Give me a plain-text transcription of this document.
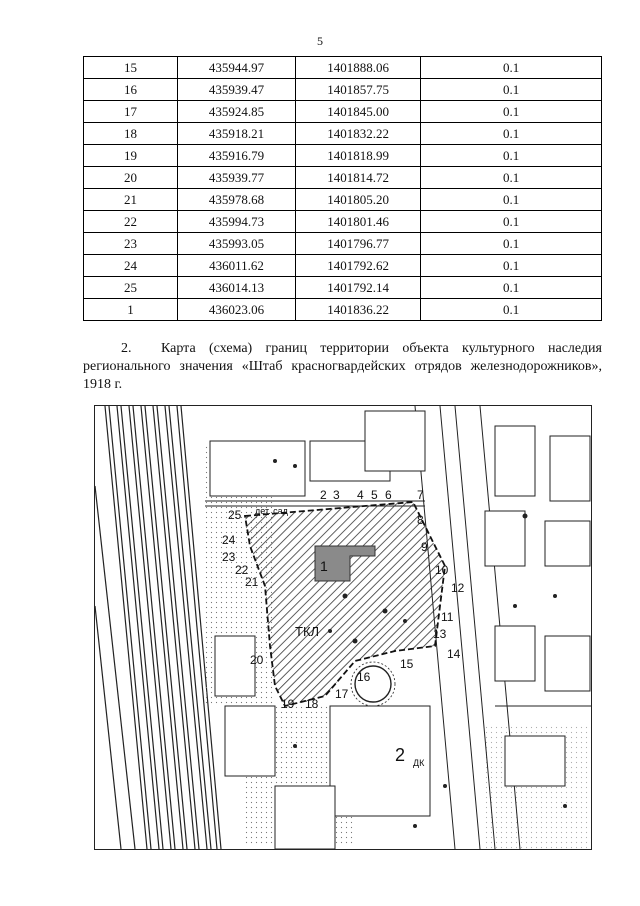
5
15	435944.97	1401888.06	0.1
16	435939.47	1401857.75	0.1
17	435924.85	1401845.00	0.1
18	435918.21	1401832.22	0.1
19	435916.79	1401818.99	0.1
20	435939.77	1401814.72	0.1
21	435978.68	1401805.20	0.1
22	435994.73	1401801.46	0.1
23	435993.05	1401796.77	0.1
24	436011.62	1401792.62	0.1
25	436014.13	1401792.14	0.1
1	436023.06	1401836.22	0.1
2. Карта (схема) границ территории объекта культурного наследия регионального значения «Штаб красногвардейских отрядов железнодорожников», 1918 г.
1
ТКЛ
2 ДК
дет. сад
2 3 4 5 6 7
8
9
10
11
12
13
14
15
16
17
18
19
20
21
22
23
24
25
